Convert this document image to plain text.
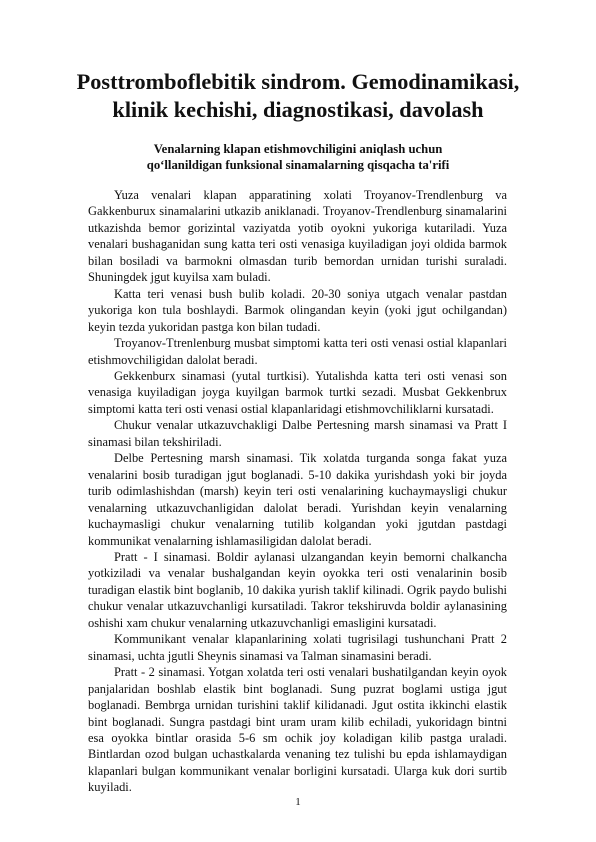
Posttromboflebitik sindrom. Gemodinamikasi,
klinik kechishi, diagnostikasi, davolash
Venalarning klapan etishmovchiligini aniqlash uchun
qo‘llanildigan funksional sinamalarning qisqacha ta'rifi

Yuza venalari klapan apparatining xolati Troyanov-Trendlenburg va Gakkenburux sinamalarini utkazib aniklanadi. Troyanov-Trendlenburg sinamalarini utkazishda bemor gorizintal vaziyatda yotib oyokni yukoriga kutariladi. Yuza venalari bushaganidan sung katta teri osti venasiga kuyiladigan joyi oldida barmok bilan bosiladi va barmokni olmasdan turib bemordan urnidan turishi suraladi. Shuningdek jgut kuyilsa xam buladi.

Katta teri venasi bush bulib koladi. 20-30 soniya utgach venalar pastdan yukoriga kon tula boshlaydi. Barmok olingandan keyin (yoki jgut ochilgandan) keyin tezda yukoridan pastga kon bilan tudadi.

Troyanov-Ttrenlenburg musbat simptomi katta teri osti venasi ostial klapanlari etishmovchiligidan dalolat beradi.

Gekkenburx sinamasi (yutal turtkisi). Yutalishda katta teri osti venasi son venasiga kuyiladigan joyga kuyilgan barmok turtki sezadi. Musbat Gekkenbrux simptomi katta teri osti venasi ostial klapanlaridagi etishmovchiliklarni kursatadi.

Chukur venalar utkazuvchakligi Dalbe Pertesning marsh sinamasi va Pratt I sinamasi bilan tekshiriladi.

Delbe Pertesning marsh sinamasi. Tik xolatda turganda songa fakat yuza venalarini bosib turadigan jgut boglanadi. 5-10 dakika yurishdash yoki bir joyda turib odimlashishdan (marsh) keyin teri osti venalarining kuchaymaysligi chukur venalarning utkazuvchanligidan dalolat beradi. Yurishdan keyin venalarning kuchaymasligi chukur venalarning tutilib kolgandan yoki jgutdan pastdagi kommunikat venalarning ishlamasiligidan dalolat beradi.

Pratt - I sinamasi. Boldir aylanasi ulzangandan keyin bemorni chalkancha yotkiziladi va venalar bushalgandan keyin oyokka teri osti venalarinin bosib turadigan elastik bint boglanib, 10 dakika yurish taklif kilinadi. Ogrik paydo bulishi chukur venalar utkazuvchanligi kursatiladi. Takror tekshiruvda boldir aylanasining oshishi xam chukur venalarning utkazuvchanligi emasligini kursatadi.

Kommunikant venalar klapanlarining xolati tugrisilagi tushunchani Pratt 2 sinamasi, uchta jgutli Sheynis sinamasi va Talman sinamasini beradi.

Pratt - 2 sinamasi. Yotgan xolatda teri osti venalari bushatilgandan keyin oyok panjalaridan boshlab elastik bint boglanadi. Sung puzrat boglami ustiga jgut boglanadi. Bembrga urnidan turishini taklif kilidanadi. Jgut ostita ikkinchi elastik bint boglanadi. Sungra pastdagi bint uram uram kilib echiladi, yukoridagn bintni esa oyokka bintlar orasida 5-6 sm ochik joy koladigan kilib pastga uraladi. Bintlardan ozod bulgan uchastkalarda venaning tez tulishi bu epda ishlamaydigan klapanlari bulgan kommunikant venalar borligini kursatadi. Ularga kuk dori surtib kuyiladi.

1
